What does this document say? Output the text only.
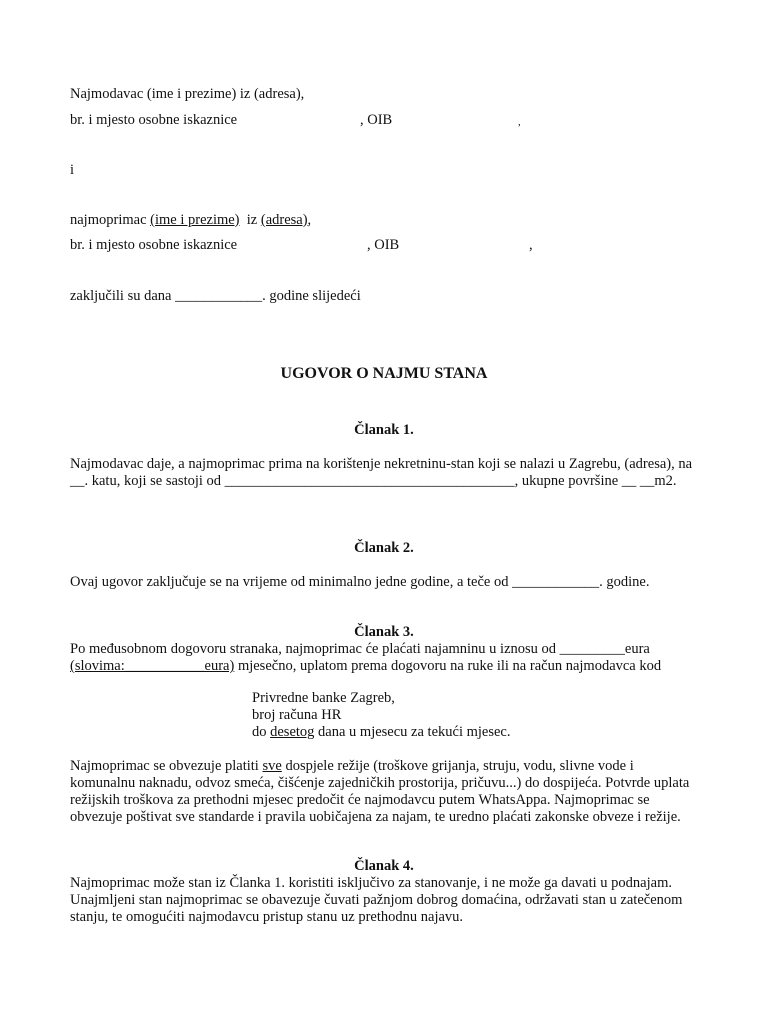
Najmodavac (ime i prezime) iz (adresa),
br. i mjesto osobne iskaznice	, OIB	,
i
najmoprimac (ime i prezime) iz (adresa),
br. i mjesto osobne iskaznice	, OIB	,
zaključili su dana ____________. godine slijedeći
UGOVOR O NAJMU STANA
Članak 1.
Najmodavac daje, a najmoprimac prima na korištenje nekretninu-stan koji se nalazi u Zagrebu, (adresa), na __. katu, koji se sastoji od ________________________________________, ukupne površine __ __m2.
Članak 2.
Ovaj ugovor zaključuje se na vrijeme od minimalno jedne godine, a teče od ____________. godine.
Članak 3.
Po međusobnom dogovoru stranaka, najmoprimac će plaćati najamninu u iznosu od _________eura
(slovima:___________eura) mjesečno, uplatom prema dogovoru na ruke ili na račun najmodavca kod
Privredne banke Zagreb,
broj računa HR
do desetog dana u mjesecu za tekući mjesec.
Najmoprimac se obvezuje platiti sve dospjele režije (troškove grijanja, struju, vodu, slivne vode i komunalnu naknadu, odvoz smeća, čišćenje zajedničkih prostorija, pričuvu...) do dospijeća. Potvrde uplata režijskih troškova za prethodni mjesec predočit će najmodavcu putem WhatsAppa. Najmoprimac se obvezuje poštivat sve standarde i pravila uobičajena za najam, te uredno plaćati zakonske obveze i režije.
Članak 4.
Najmoprimac može stan iz Članka 1. koristiti isključivo za stanovanje, i ne može ga davati u podnajam. Unajmljeni stan najmoprimac se obavezuje čuvati pažnjom dobrog domaćina, održavati stan u zatečenom stanju, te omogućiti najmodavcu pristup stanu uz prethodnu najavu.
